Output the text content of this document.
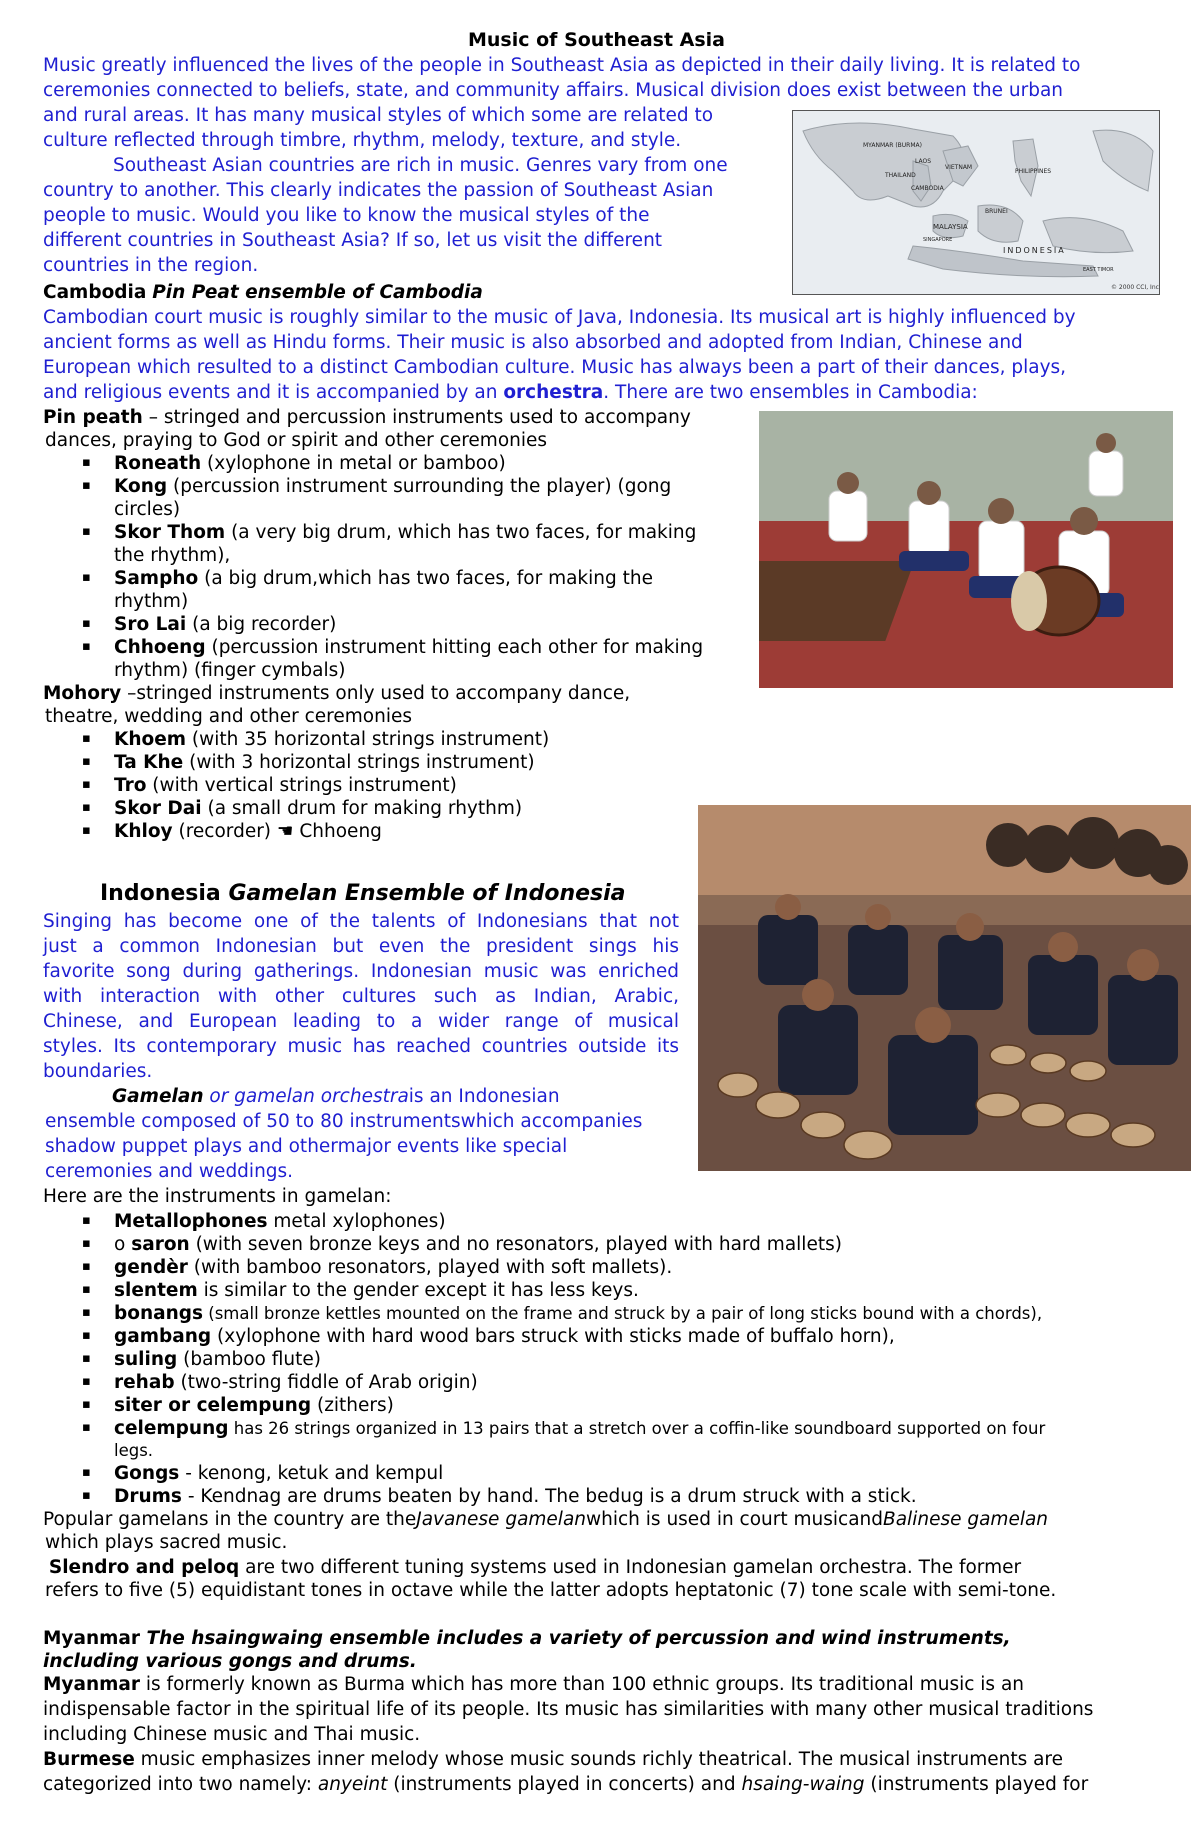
Music of Southeast Asia
Music greatly influenced the lives of the people in Southeast Asia as depicted in their daily living. It is related to
ceremonies connected to beliefs, state, and community affairs. Musical division does exist between the urban
and rural areas. It has many musical styles of which some are related to
culture reflected through timbre, rhythm, melody, texture, and style.
Southeast Asian countries are rich in music. Genres vary from one
country to another. This clearly indicates the passion of Southeast Asian
people to music. Would you like to know the musical styles of the
different countries in Southeast Asia? If so, let us visit the different
countries in the region.
MYANMAR (BURMA)
LAOS
VIETNAM
THAILAND
CAMBODIA
PHILIPPINES
BRUNEI
MALAYSIA
SINGAPORE
INDONESIA
EAST TIMOR
© 2000 CCI, Inc
Cambodia Pin Peat ensemble of Cambodia
Cambodian court music is roughly similar to the music of Java, Indonesia. Its musical art is highly influenced by
ancient forms as well as Hindu forms. Their music is also absorbed and adopted from Indian, Chinese and
European which resulted to a distinct Cambodian culture. Music has always been a part of their dances, plays,
and religious events and it is accompanied by an orchestra. There are two ensembles in Cambodia:
Pin peath – stringed and percussion instruments used to accompany
dances, praying to God or spirit and other ceremonies
▪
Roneath (xylophone in metal or bamboo)
▪
Kong (percussion instrument surrounding the player) (gong
circles)
▪
Skor Thom (a very big drum, which has two faces, for making
the rhythm),
▪
Sampho (a big drum,which has two faces, for making the
rhythm)
▪
Sro Lai (a big recorder)
▪
Chhoeng (percussion instrument hitting each other for making
rhythm) (finger cymbals)
Mohory –stringed instruments only used to accompany dance,
theatre, wedding and other ceremonies
▪
Khoem (with 35 horizontal strings instrument)
▪
Ta Khe (with 3 horizontal strings instrument)
▪
Tro (with vertical strings instrument)
▪
Skor Dai (a small drum for making rhythm)
▪
Khloy (recorder) ☚ Chhoeng
Indonesia Gamelan Ensemble of Indonesia
Singing has become one of the talents of Indonesians that not
just a common Indonesian but even the president sings his
favorite song during gatherings. Indonesian music was enriched
with interaction with other cultures such as Indian, Arabic,
Chinese, and European leading to a wider range of musical
styles. Its contemporary music has reached countries outside its
boundaries.
Gamelan or gamelan orchestrais an Indonesian
ensemble composed of 50 to 80 instrumentswhich accompanies
shadow puppet plays and othermajor events like special
ceremonies and weddings.
Here are the instruments in gamelan:
▪
Metallophones metal xylophones)
▪
o saron (with seven bronze keys and no resonators, played with hard mallets)
▪
gendèr (with bamboo resonators, played with soft mallets).
▪
slentem is similar to the gender except it has less keys.
▪
bonangs (small bronze kettles mounted on the frame and struck by a pair of long sticks bound with a chords),
▪
gambang (xylophone with hard wood bars struck with sticks made of buffalo horn),
▪
suling (bamboo flute)
▪
rehab (two-string fiddle of Arab origin)
▪
siter or celempung (zithers)
▪
celempung has 26 strings organized in 13 pairs that a stretch over a coffin-like soundboard supported on four
legs.
▪
Gongs - kenong, ketuk and kempul
▪
Drums - Kendnag are drums beaten by hand. The bedug is a drum struck with a stick.
Popular gamelans in the country are theJavanese gamelanwhich is used in court musicandBalinese gamelan
which plays sacred music.
Slendro and peloq are two different tuning systems used in Indonesian gamelan orchestra. The former
refers to five (5) equidistant tones in octave while the latter adopts heptatonic (7) tone scale with semi-tone.
Myanmar The hsaingwaing ensemble includes a variety of percussion and wind instruments,
including various gongs and drums.
Myanmar is formerly known as Burma which has more than 100 ethnic groups. Its traditional music is an
indispensable factor in the spiritual life of its people. Its music has similarities with many other musical traditions
including Chinese music and Thai music.
Burmese music emphasizes inner melody whose music sounds richly theatrical. The musical instruments are
categorized into two namely: anyeint (instruments played in concerts) and hsaing-waing (instruments played for
